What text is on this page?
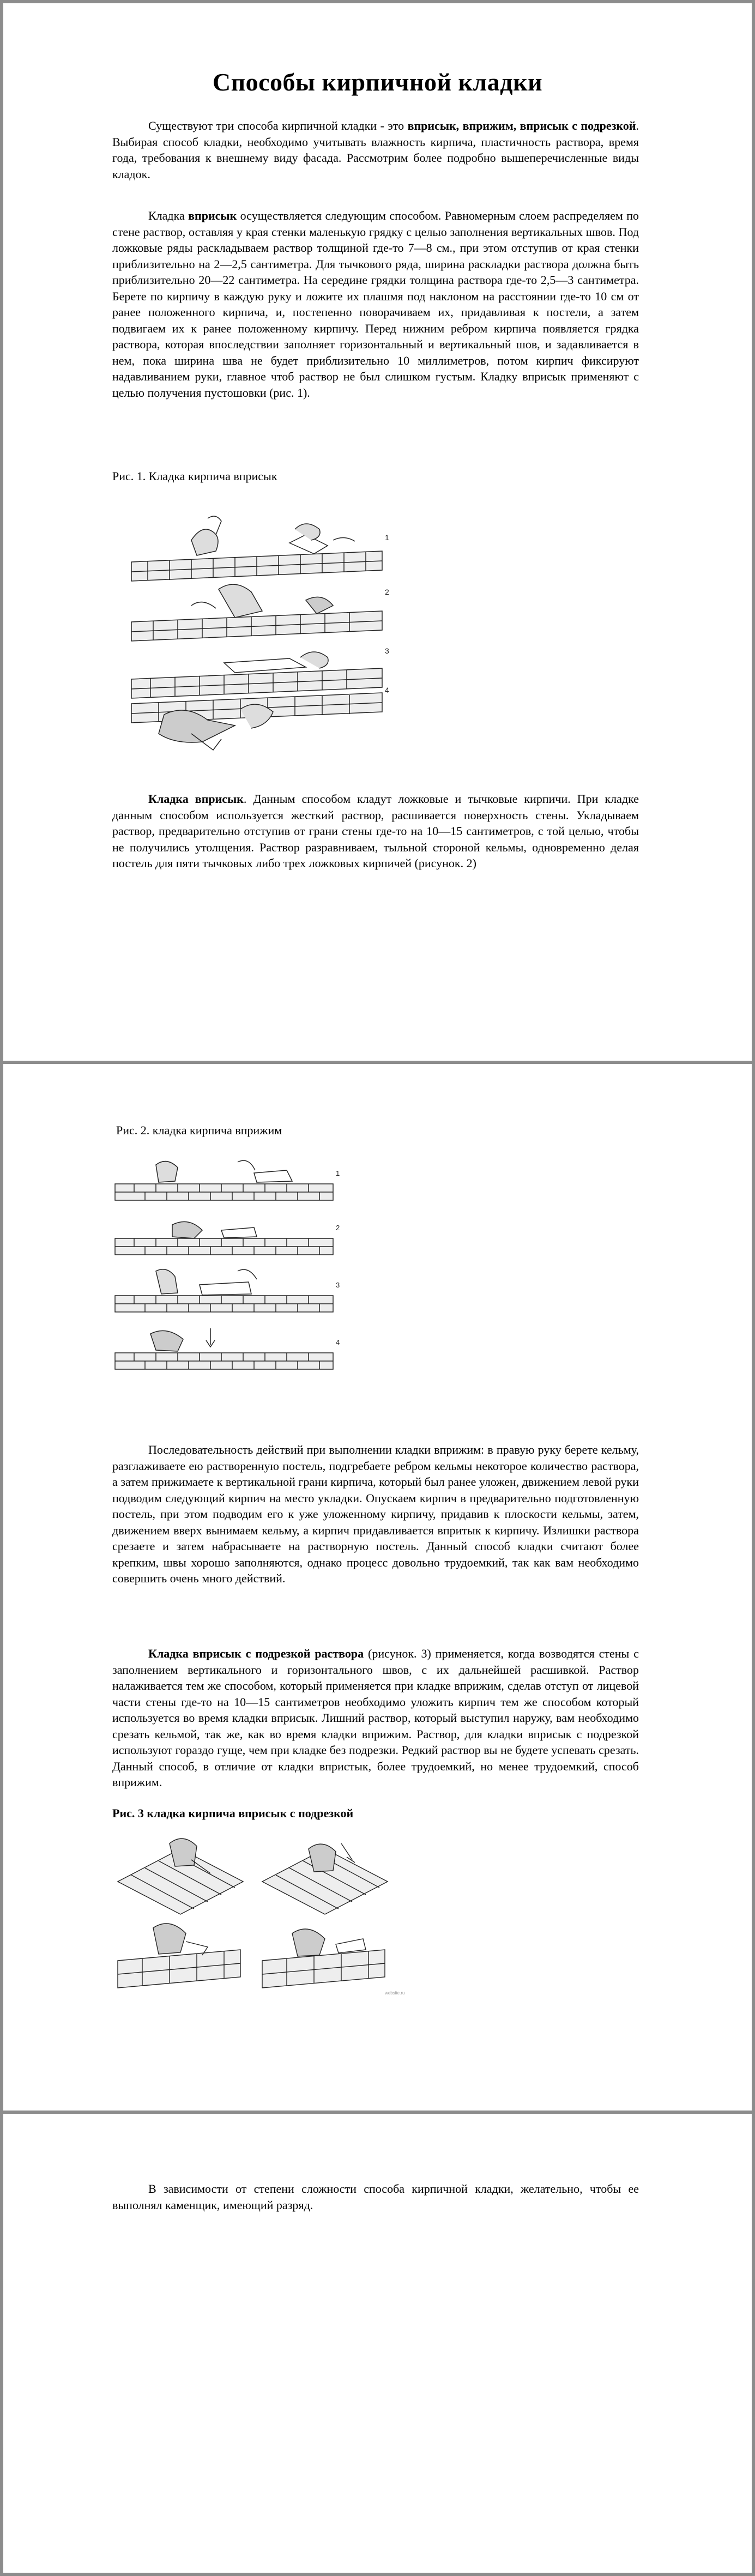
Способы кирпичной кладки
Существуют три способа кирпичной кладки - это вприсык, вприжим, вприсык с подрезкой. Выбирая способ кладки, необходимо учитывать влажность кирпича, пластичность раствора, время года, требования к внешнему виду фасада. Рассмотрим более подробно вышеперечисленные виды кладок.
Кладка вприсык осуществляется следующим способом. Равномерным слоем распределяем по стене раствор, оставляя у края стенки маленькую грядку с целью заполнения вертикальных швов. Под ложковые ряды раскладываем раствор толщиной где-то 7—8 см., при этом отступив от края стенки приблизительно на 2—2,5 сантиметра. Для тычкового ряда, ширина раскладки раствора должна быть приблизительно 20—22 сантиметра. На середине грядки толщина раствора где-то 2,5—3 сантиметра. Берете по кирпичу в каждую руку и ложите их плашмя под наклоном на расстоянии где-то 10 см от ранее положенного кирпича, и, постепенно поворачиваем их, придавливая к постели, а затем подвигаем их к ранее положенному кирпичу. Перед нижним ребром кирпича появляется грядка раствора, которая впоследствии заполняет горизонтальный и вертикальный шов, и задавливается в нем, пока ширина шва не будет приблизительно 10 миллиметров, потом кирпич фиксируют надавливанием руки, главное чтоб раствор не был слишком густым. Кладку вприсык применяют с целью получения пустошовки (рис. 1).
Рис. 1. Кладка кирпича вприсык
1
2
3
4
Кладка вприсык. Данным способом кладут ложковые и тычковые кирпичи. При кладке данным способом используется жесткий раствор, расшивается поверхность стены. Укладываем раствор, предварительно отступив от грани стены где-то на 10—15 сантиметров, с той целью, чтобы не получились утолщения. Раствор разравниваем, тыльной стороной кельмы, одновременно делая постель для пяти тычковых либо трех ложковых кирпичей (рисунок. 2)
Рис. 2. кладка кирпича вприжим
1
2
3
4
Последовательность действий при выполнении кладки вприжим: в правую руку берете кельму, разглаживаете ею растворенную постель, подгребаете ребром кельмы некоторое количество раствора, а затем прижимаете к вертикальной грани кирпича, который был ранее уложен, движением левой руки подводим следующий кирпич на место укладки. Опускаем кирпич в предварительно подготовленную постель, при этом подводим его к уже уложенному кирпичу, придавив к плоскости кельмы, затем, движением вверх вынимаем кельму, а кирпич придавливается впритык к кирпичу. Излишки раствора срезаете и затем набрасываете на растворную постель. Данный способ кладки считают более крепким, швы хорошо заполняются, однако процесс довольно трудоемкий, так как вам необходимо совершить очень много действий.
Кладка вприсык с подрезкой раствора (рисунок. 3) применяется, когда возводятся стены с заполнением вертикального и горизонтального швов, с их дальнейшей расшивкой. Раствор налаживается тем же способом, который применяется при кладке вприжим, сделав отступ от лицевой части стены где-то на 10—15 сантиметров необходимо уложить кирпич тем же способом который используется во время кладки вприсык. Лишний раствор, который выступил наружу, вам необходимо срезать кельмой, так же, как во время кладки вприжим. Раствор, для кладки вприсык с подрезкой используют гораздо гуще, чем при кладке без подрезки. Редкий раствор вы не будете успевать срезать. Данный способ, в отличие от кладки впристык, более трудоемкий, но менее трудоемкий, способ вприжим.
Рис. 3 кладка кирпича вприсык с подрезкой
website.ru
В зависимости от степени сложности способа кирпичной кладки, желательно, чтобы ее выполнял каменщик, имеющий разряд.
